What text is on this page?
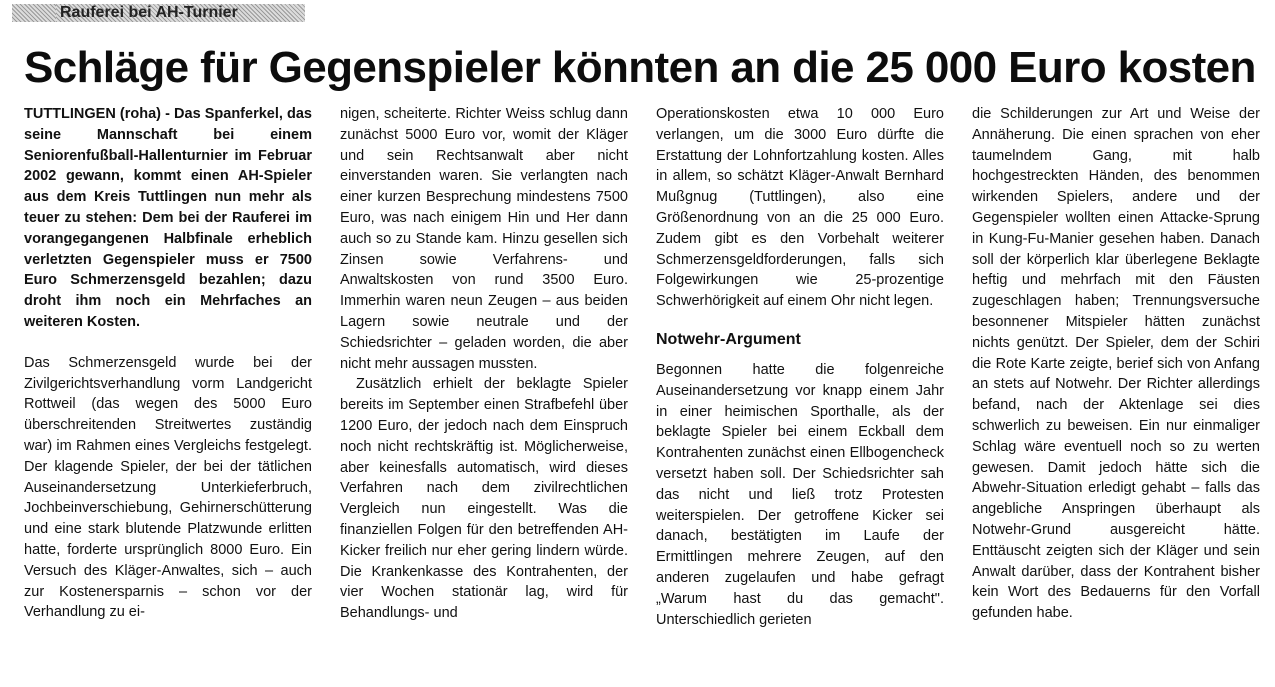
Rauferei bei AH-Turnier
Schläge für Gegenspieler könnten an die 25 000 Euro kosten

TUTTLINGEN (roha) - Das Spanferkel, das seine Mannschaft bei einem Seniorenfußball-Hallenturnier im Februar 2002 gewann, kommt einen AH-Spieler aus dem Kreis Tuttlingen nun mehr als teuer zu stehen: Dem bei der Rauferei im vorangegangenen Halbfinale erheblich verletzten Gegenspieler muss er 7500 Euro Schmerzensgeld bezahlen; dazu droht ihm noch ein Mehrfaches an weiteren Kosten.

Das Schmerzensgeld wurde bei der Zivilgerichtsverhandlung vorm Landgericht Rottweil (das wegen des 5000 Euro überschreitenden Streitwertes zuständig war) im Rahmen eines Vergleichs festgelegt. Der klagende Spieler, der bei der tätlichen Auseinandersetzung Unterkieferbruch, Jochbeinverschiebung, Gehirnerschütterung und eine stark blutende Platzwunde erlitten hatte, forderte ursprünglich 8000 Euro. Ein Versuch des Kläger-Anwaltes, sich – auch zur Kostenersparnis – schon vor der Verhandlung zu ei-

nigen, scheiterte. Richter Weiss schlug dann zunächst 5000 Euro vor, womit der Kläger und sein Rechtsanwalt aber nicht einverstanden waren. Sie verlangten nach einer kurzen Besprechung mindestens 7500 Euro, was nach einigem Hin und Her dann auch so zu Stande kam. Hinzu gesellen sich Zinsen sowie Verfahrens- und Anwaltskosten von rund 3500 Euro. Immerhin waren neun Zeugen – aus beiden Lagern sowie neutrale und der Schiedsrichter – geladen worden, die aber nicht mehr aussagen mussten.

Zusätzlich erhielt der beklagte Spieler bereits im September einen Strafbefehl über 1200 Euro, der jedoch nach dem Einspruch noch nicht rechtskräftig ist. Möglicherweise, aber keinesfalls automatisch, wird dieses Verfahren nach dem zivilrechtlichen Vergleich nun eingestellt. Was die finanziellen Folgen für den betreffenden AH-Kicker freilich nur eher gering lindern würde. Die Krankenkasse des Kontrahenten, der vier Wochen stationär lag, wird für Behandlungs- und

Operationskosten etwa 10 000 Euro verlangen, um die 3000 Euro dürfte die Erstattung der Lohnfortzahlung kosten. Alles in allem, so schätzt Kläger-Anwalt Bernhard Mußgnug (Tuttlingen), also eine Größenordnung von an die 25 000 Euro. Zudem gibt es den Vorbehalt weiterer Schmerzensgeldforderungen, falls sich Folgewirkungen wie 25-prozentige Schwerhörigkeit auf einem Ohr nicht legen.

Notwehr-Argument

Begonnen hatte die folgenreiche Auseinandersetzung vor knapp einem Jahr in einer heimischen Sporthalle, als der beklagte Spieler bei einem Eckball dem Kontrahenten zunächst einen Ellbogencheck versetzt haben soll. Der Schiedsrichter sah das nicht und ließ trotz Protesten weiterspielen. Der getroffene Kicker sei danach, bestätigten im Laufe der Ermittlingen mehrere Zeugen, auf den anderen zugelaufen und habe gefragt „Warum hast du das gemacht". Unterschiedlich gerieten

die Schilderungen zur Art und Weise der Annäherung. Die einen sprachen von eher taumelndem Gang, mit halb hochgestreckten Händen, des benommen wirkenden Spielers, andere und der Gegenspieler wollten einen Attacke-Sprung in Kung-Fu-Manier gesehen haben. Danach soll der körperlich klar überlegene Beklagte heftig und mehrfach mit den Fäusten zugeschlagen haben; Trennungsversuche besonnener Mitspieler hätten zunächst nichts genützt. Der Spieler, dem der Schiri die Rote Karte zeigte, berief sich von Anfang an stets auf Notwehr. Der Richter allerdings befand, nach der Aktenlage sei dies schwerlich zu beweisen. Ein nur einmaliger Schlag wäre eventuell noch so zu werten gewesen. Damit jedoch hätte sich die Abwehr-Situation erledigt gehabt – falls das angebliche Anspringen überhaupt als Notwehr-Grund ausgereicht hätte. Enttäuscht zeigten sich der Kläger und sein Anwalt darüber, dass der Kontrahent bisher kein Wort des Bedauerns für den Vorfall gefunden habe.
